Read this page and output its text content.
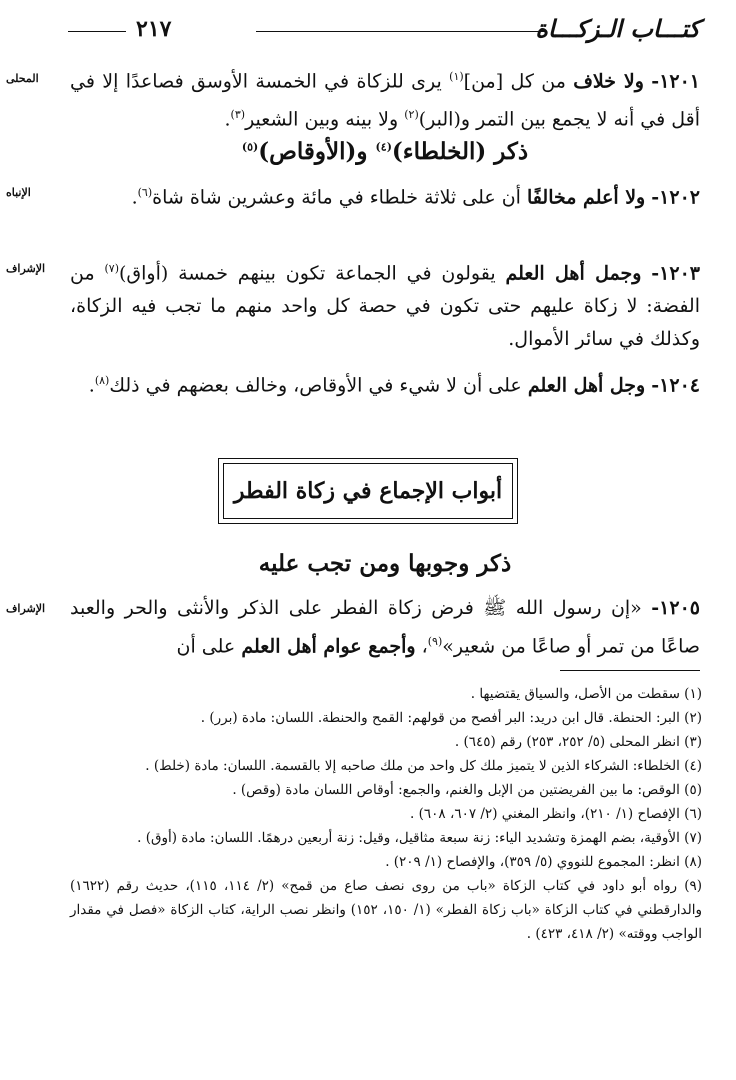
٢١٧	كتـــاب الـزكـــاة
المحلى
الإنباه
الإشراف
الإشراف
١٢٠١- ولا خلاف من كل [من]$^{(١)}$ يرى للزكاة في الخمسة الأوسق فصاعدًا إلا في أقل في أنه لا يجمع بين التمر و(البر)$^{(٢)}$ ولا بينه وبين الشعير$^{(٣)}$.
ذكر (الخلطاء)$^{(٤)}$ و(الأوقاص)$^{(٥)}$
١٢٠٢- ولا أعلم مخالفًا أن على ثلاثة خلطاء في مائة وعشرين شاة شاة$^{(٦)}$.
١٢٠٣- وجمل أهل العلم يقولون في الجماعة تكون بينهم خمسة (أواق)$^{(٧)}$ من الفضة: لا زكاة عليهم حتى تكون في حصة كل واحد منهم ما تجب فيه الزكاة، وكذلك في سائر الأموال.
١٢٠٤- وجل أهل العلم على أن لا شيء في الأوقاص، وخالف بعضهم في ذلك$^{(٨)}$.
أبواب الإجماع في زكاة الفطر
ذكر وجوبها ومن تجب عليه
١٢٠٥- «إن رسول الله ﷺ فرض زكاة الفطر على الذكر والأنثى والحر والعبد صاعًا من تمر أو صاعًا من شعير»$^{(٩)}$، وأجمع عوام أهل العلم على أن

(١) سقطت من الأصل، والسياق يقتضيها .

(٢) البر: الحنطة. قال ابن دريد: البر أفصح من قولهم: القمح والحنطة. اللسان: مادة (برر) .

(٣) انظر المحلى (٥/ ٢٥٢، ٢٥٣) رقم (٦٤٥) .

(٤) الخلطاء: الشركاء الذين لا يتميز ملك كل واحد من ملك صاحبه إلا بالقسمة. اللسان: مادة (خلط) .

(٥) الوقص: ما بين الفريضتين من الإبل والغنم، والجمع: أوقاص اللسان مادة (وقص) .

(٦) الإفصاح (١/ ٢١٠)، وانظر المغني (٢/ ٦٠٧، ٦٠٨) .

(٧) الأوقية، بضم الهمزة وتشديد الياء: زنة سبعة مثاقيل، وقيل: زنة أربعين درهمًا. اللسان: مادة (أوق) .

(٨) انظر: المجموع للنووي (٥/ ٣٥٩)، والإفصاح (١/ ٢٠٩) .

(٩) رواه أبو داود في كتاب الزكاة «باب من روى نصف صاع من قمح» (٢/ ١١٤، ١١٥)، حديث رقم (١٦٢٢) والدارقطني في كتاب الزكاة «باب زكاة الفطر» (١/ ١٥٠، ١٥٢) وانظر نصب الراية، كتاب الزكاة «فصل في مقدار الواجب ووقته» (٢/ ٤١٨، ٤٢٣) .
